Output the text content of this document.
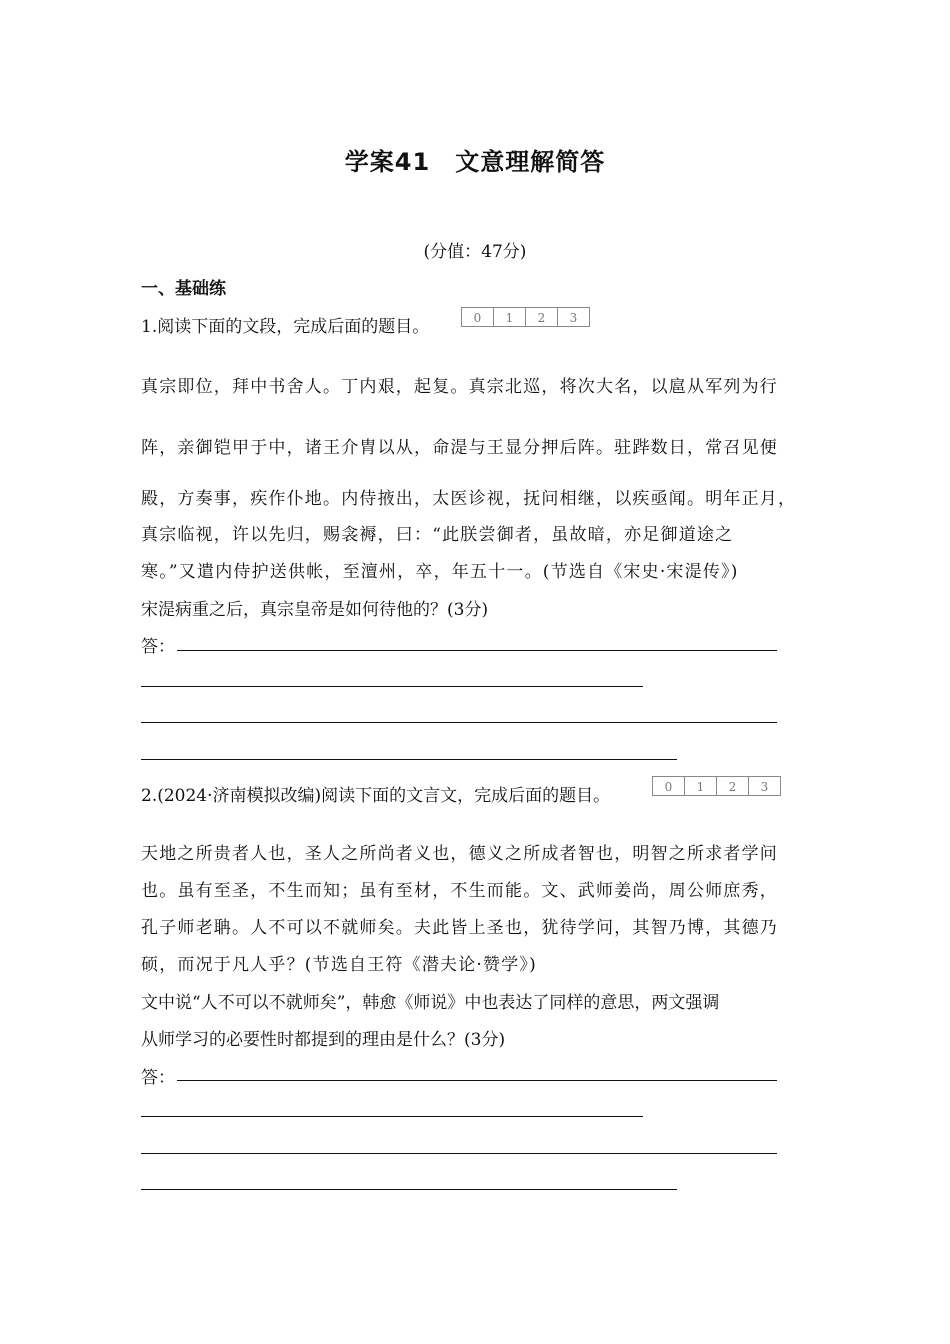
学案41　文意理解简答
(分值：47分)
一、基础练
1.阅读下面的文段，完成后面的题目。	0	1	2	3
真宗即位，拜中书舍人。丁内艰，起复。真宗北巡，将次大名，以扈从军列为行
阵，亲御铠甲于中，诸王介胄以从，命湜与王显分押后阵。驻跸数日，常召见便
殿，方奏事，疾作仆地。内侍掖出，太医诊视，抚问相继，以疾亟闻。明年正月，
真宗临视，许以先归，赐衾褥，曰：“此朕尝御者，虽故暗，亦足御道途之
寒。”又遣内侍护送供帐，至澶州，卒，年五十一。(节选自《宋史·宋湜传》)
宋湜病重之后，真宗皇帝是如何待他的？(3分)
答：
2.(2024·济南模拟改编)阅读下面的文言文，完成后面的题目。	0	1	2	3
天地之所贵者人也，圣人之所尚者义也，德义之所成者智也，明智之所求者学问
也。虽有至圣，不生而知；虽有至材，不生而能。文、武师姜尚，周公师庶秀，
孔子师老聃。人不可以不就师矣。夫此皆上圣也，犹待学问，其智乃博，其德乃
硕，而况于凡人乎？(节选自王符《潜夫论·赞学》)
文中说“人不可以不就师矣”，韩愈《师说》中也表达了同样的意思，两文强调
从师学习的必要性时都提到的理由是什么？(3分)
答：
